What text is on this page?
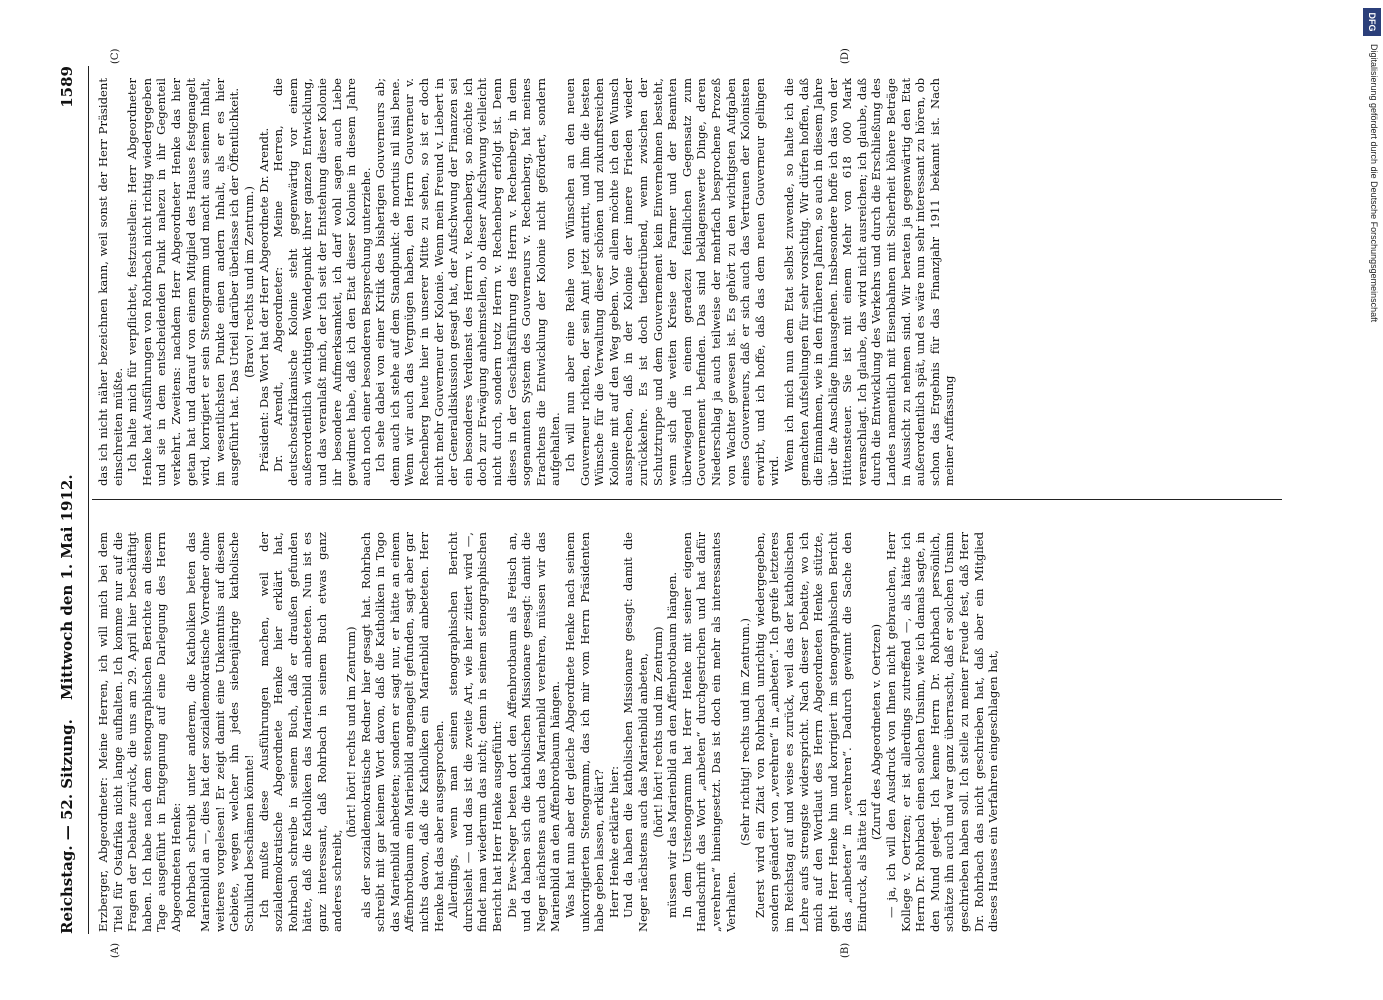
Reichstag. — 52. Sitzung.
Mittwoch den 1. Mai 1912.
1589
(A)	(B)
(C)	(D)

Erzberger, Abgeordneter: Meine Herren, ich will mich bei dem Titel für Ostafrika nicht lange aufhalten. Ich komme nur auf die Fragen der Debatte zurück, die uns am 29. April hier beschäftigt haben. Ich habe nach dem stenographischen Berichte an diesem Tage ausgeführt in Entgegnung auf eine Darlegung des Herrn Abgeordneten Henke: Rohrbach schreibt unter anderem, die Katholiken beten das Marienbild an —, dies hat der sozialdemokratische Vorredner ohne weiteres vorgelesen! Er zeigt damit eine Unkenntnis auf diesem Gebiete, wegen welcher ihn jedes siebenjährige katholische Schulkind beschämen könnte! Ich mußte diese Ausführungen machen, weil der sozialdemokratische Abgeordnete Henke hier erklärt hat, Rohrbach schreibe in seinem Buch, daß er draußen gefunden hätte, daß die Katholiken das Marienbild anbeteten. Nun ist es ganz interessant, daß Rohrbach in seinem Buch etwas ganz anderes schreibt,

(hört! hört! rechts und im Zentrum) als der sozialdemokratische Redner hier gesagt hat. Rohrbach schreibt mit gar keinem Wort davon, daß die Katholiken in Togo das Marienbild anbeteten; sondern er sagt nur, er hätte an einem Affenbrotbaum ein Marienbild angenagelt gefunden, sagt aber gar nichts davon, daß die Katholiken ein Marienbild anbeteten. Herr Henke hat das aber ausgesprochen. Allerdings, wenn man seinen stenographischen Bericht durchsieht — und das ist die zweite Art, wie hier zitiert wird —, findet man wiederum das nicht; denn in seinem stenographischen Bericht hat Herr Henke ausgeführt: Die Ewe-Neger beten dort den Affenbrotbaum als Fetisch an, und da haben sich die katholischen Missionare gesagt: damit die Neger nächstens auch das Marienbild verehren, müssen wir das Marienbild an den Affenbrotbaum hängen. Was hat nun aber der gleiche Abgeordnete Henke nach seinem unkorrigierten Stenogramm, das ich mir vom Herrn Präsidenten habe geben lassen, erklärt? Herr Henke erklärte hier: Und da haben die katholischen Missionare gesagt: damit die Neger nächstens auch das Marienbild anbeten, (hört! hört! rechts und im Zentrum) müssen wir das Marienbild an den Affenbrotbaum hängen. In dem Urstenogramm hat Herr Henke mit seiner eigenen Handschrift das Wort „anbeten“ durchgestrichen und hat dafür „verehren“ hineingesetzt. Das ist doch ein mehr als interessantes Verhalten.

(Sehr richtig! rechts und im Zentrum.) Zuerst wird ein Zitat von Rohrbach unrichtig wiedergegeben, sondern geändert von „verehren“ in „anbeten“. Ich greife letzteres im Reichstag auf und weise es zurück, weil das der katholischen Lehre aufs strengste widerspricht. Nach dieser Debatte, wo ich mich auf den Wortlaut des Herrn Abgeordneten Henke stützte, geht Herr Henke hin und korrigiert im stenographischen Bericht das „anbeten“ in „verehren“. Dadurch gewinnt die Sache den Eindruck, als hätte ich

(Zuruf des Abgeordneten v. Oertzen) — ja, ich will den Ausdruck von Ihnen nicht gebrauchen, Herr Kollege v. Oertzen; er ist allerdings zutreffend —, als hätte ich Herrn Dr. Rohrbach einen solchen Unsinn, wie ich damals sagte, in den Mund gelegt. Ich kenne Herrn Dr. Rohrbach persönlich, schätze ihn auch und war ganz überrascht, daß er solchen Unsinn geschrieben haben soll. Ich stelle zu meiner Freude fest, daß Herr Dr. Rohrbach das nicht geschrieben hat, daß aber ein Mitglied dieses Hauses ein Verfahren eingeschlagen hat,

das ich nicht näher bezeichnen kann, weil sonst der Herr Präsident einschreiten müßte. Ich halte mich für verpflichtet, festzustellen: Herr Abgeordneter Henke hat Ausführungen von Rohrbach nicht richtig wiedergegeben und sie in dem entscheidenden Punkt nahezu in ihr Gegenteil verkehrt. Zweitens: nachdem Herr Abgeordneter Henke das hier getan hat und darauf von einem Mitglied des Hauses festgenagelt wird, korrigiert er sein Stenogramm und macht aus seinem Inhalt, im wesentlichsten Punkte einen andern Inhalt, als er es hier ausgeführt hat. Das Urteil darüber überlasse ich der Öffentlichkeit. (Bravo! rechts und im Zentrum.) Präsident: Das Wort hat der Herr Abgeordnete Dr. Arendt. Dr. Arendt, Abgeordneter: Meine Herren, die deutschostafrikanische Kolonie steht gegenwärtig vor einem außerordentlich wichtigen Wendepunkt ihrer ganzen Entwicklung, und das veranlaßt mich, der ich seit der Entstehung dieser Kolonie ihr besondere Aufmerksamkeit, ich darf wohl sagen auch Liebe gewidmet habe, daß ich den Etat dieser Kolonie in diesem Jahre auch noch einer besonderen Besprechung unterziehe. Ich sehe dabei von einer Kritik des bisherigen Gouverneurs ab; denn auch ich stehe auf dem Standpunkt: de mortuis nil nisi bene. Wenn wir auch das Vergnügen haben, den Herrn Gouverneur v. Rechenberg heute hier in unserer Mitte zu sehen, so ist er doch nicht mehr Gouverneur der Kolonie. Wenn mein Freund v. Liebert in der Generaldiskussion gesagt hat, der Aufschwung der Finanzen sei ein besonderes Verdienst des Herrn v. Rechenberg, so möchte ich doch zur Erwägung anheimstellen, ob dieser Aufschwung vielleicht nicht durch, sondern trotz Herrn v. Rechenberg erfolgt ist. Denn dieses in der Geschäftsführung des Herrn v. Rechenberg, in dem sogenannten System des Gouverneurs v. Rechenberg, hat meines Erachtens die Entwicklung der Kolonie nicht gefördert, sondern aufgehalten. Ich will nun aber eine Reihe von Wünschen an den neuen Gouverneur richten, der sein Amt jetzt antritt, und ihm die besten Wünsche für die Verwaltung dieser schönen und zukunftsreichen Kolonie mit auf den Weg geben. Vor allem möchte ich den Wunsch aussprechen, daß in der Kolonie der innere Frieden wieder zurückkehre. Es ist doch tiefbetrübend, wenn zwischen der Schutztruppe und dem Gouvernement kein Einvernehmen besteht, wenn sich die weiten Kreise der Farmer und der Beamten überwiegend in einem geradezu feindlichen Gegensatz zum Gouvernement befinden. Das sind beklagenswerte Dinge, deren Niederschlag ja auch teilweise der mehrfach besprochene Prozeß von Wachter gewesen ist. Es gehört zu den wichtigsten Aufgaben eines Gouverneurs, daß er sich auch das Vertrauen der Kolonisten erwirbt, und ich hoffe, daß das dem neuen Gouverneur gelingen wird. Wenn ich mich nun dem Etat selbst zuwende, so halte ich die gemachten Aufstellungen für sehr vorsichtig. Wir dürfen hoffen, daß die Einnahmen, wie in den früheren Jahren, so auch in diesem Jahre über die Anschläge hinausgehen. Insbesondere hoffe ich das von der Hüttensteuer. Sie ist mit einem Mehr von 618 000 Mark veranschlagt. Ich glaube, das wird nicht ausreichen; ich glaube, daß durch die Entwicklung des Verkehrs und durch die Erschließung des Landes namentlich mit Eisenbahnen mit Sicherheit höhere Beträge in Aussicht zu nehmen sind. Wir beraten ja gegenwärtig den Etat außerordentlich spät, und es wäre nun sehr interessant zu hören, ob schon das Ergebnis für das Finanzjahr 1911 bekannt ist. Nach meiner Auffassung

DFG
Digitalisierung gefördert durch die Deutsche Forschungsgemeinschaft
